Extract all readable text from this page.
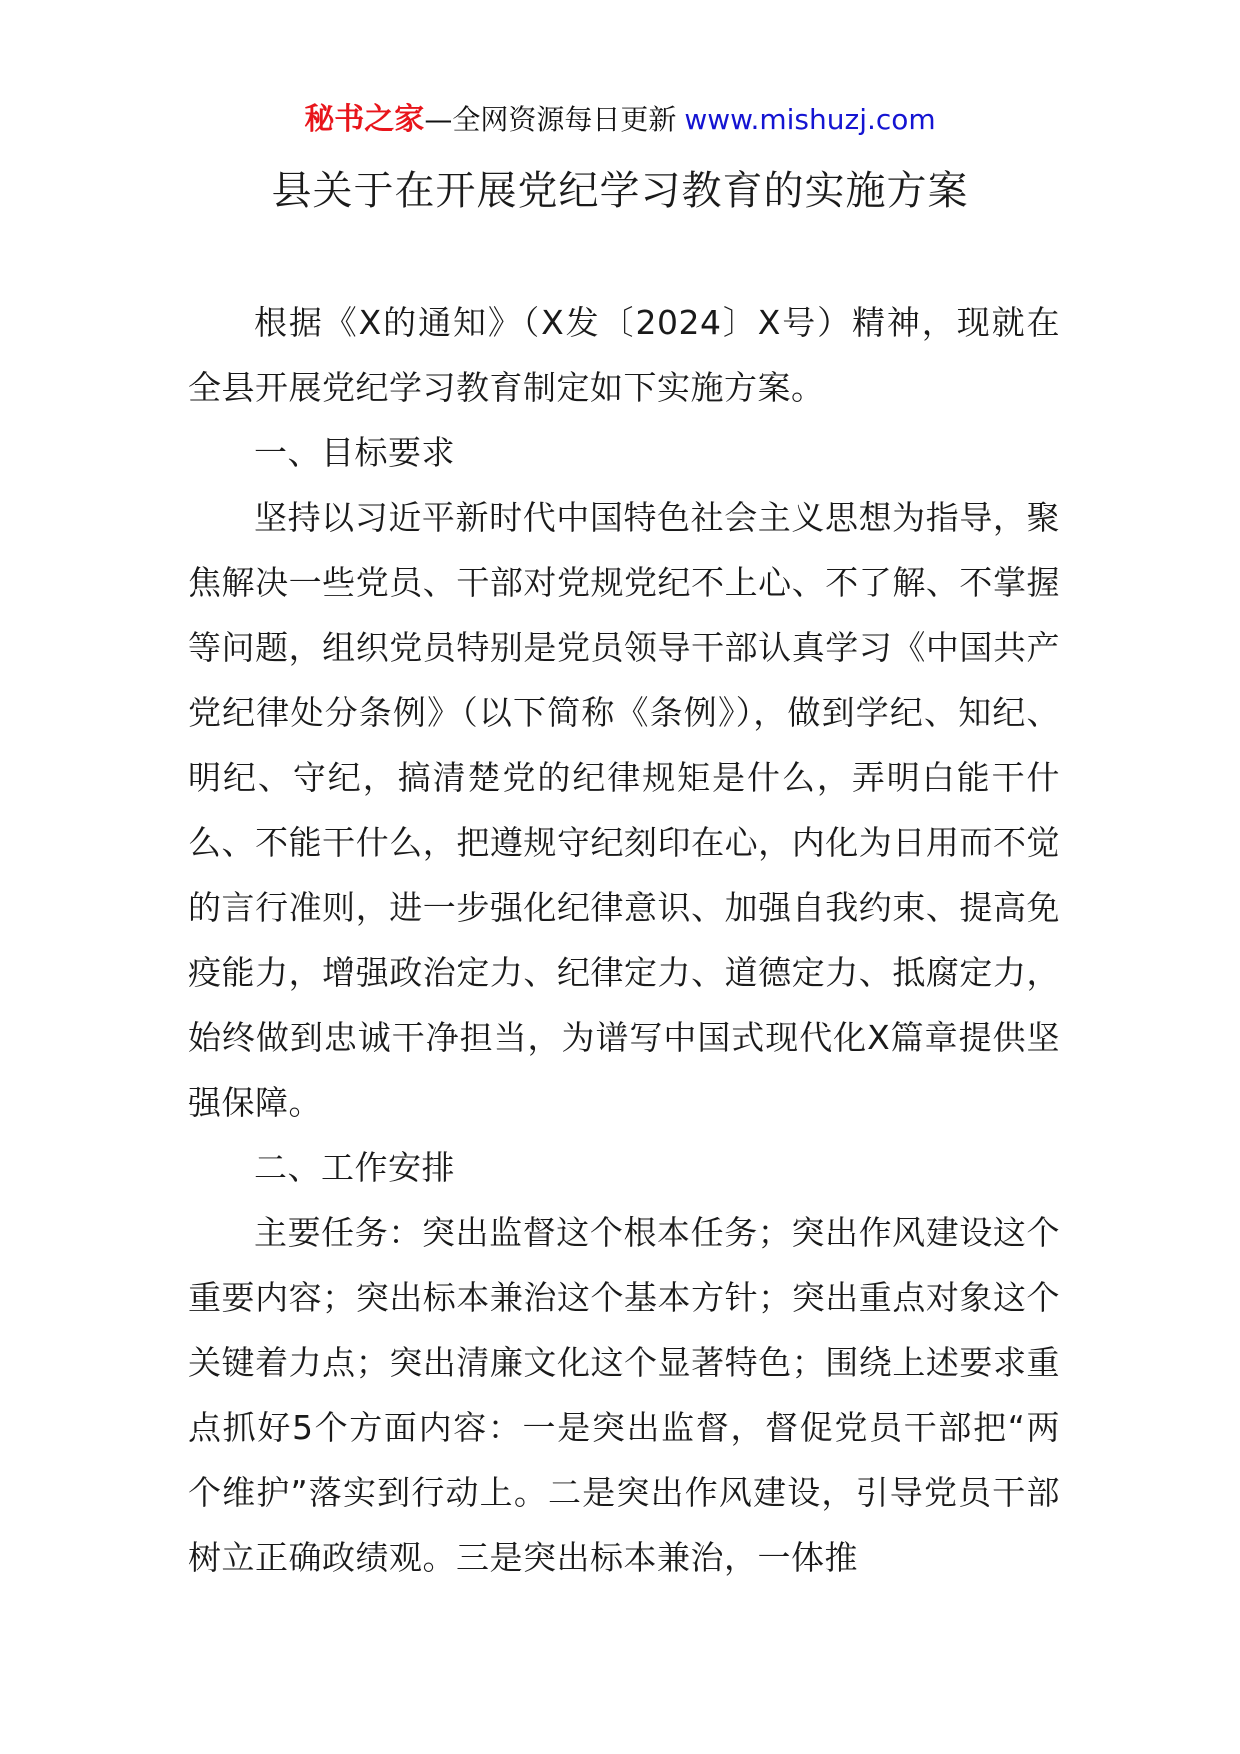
秘书之家—全网资源每日更新 www.mishuzj.com
县关于在开展党纪学习教育的实施方案

根据《X的通知》（X发〔2024〕X号）精神，现就在全县开展党纪学习教育制定如下实施方案。

一、目标要求

坚持以习近平新时代中国特色社会主义思想为指导，聚焦解决一些党员、干部对党规党纪不上心、不了解、不掌握等问题，组织党员特别是党员领导干部认真学习《中国共产党纪律处分条例》（以下简称《条例》），做到学纪、知纪、明纪、守纪，搞清楚党的纪律规矩是什么，弄明白能干什么、不能干什么，把遵规守纪刻印在心，内化为日用而不觉的言行准则，进一步强化纪律意识、加强自我约束、提高免疫能力，增强政治定力、纪律定力、道德定力、抵腐定力，始终做到忠诚干净担当，为谱写中国式现代化X篇章提供坚强保障。

二、工作安排

主要任务：突出监督这个根本任务；突出作风建设这个重要内容；突出标本兼治这个基本方针；突出重点对象这个关键着力点；突出清廉文化这个显著特色；围绕上述要求重点抓好5个方面内容：一是突出监督，督促党员干部把“两个维护”落实到行动上。二是突出作风建设，引导党员干部树立正确政绩观。三是突出标本兼治，一体推
